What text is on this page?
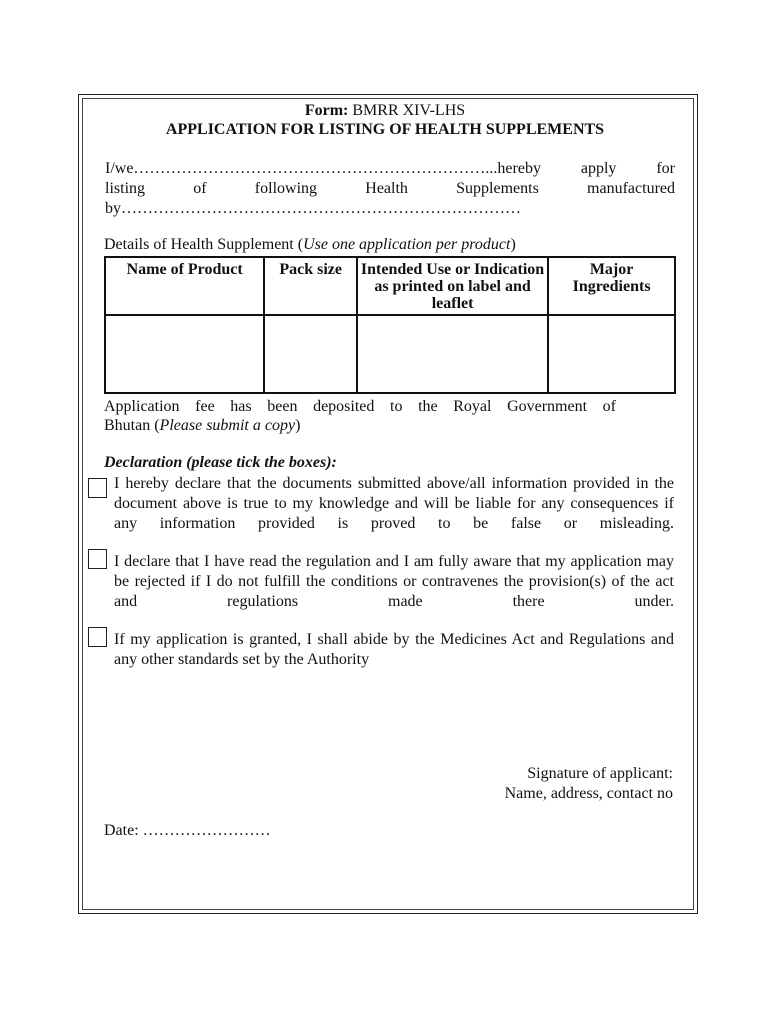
Form: BMRR XIV-LHS
APPLICATION FOR LISTING OF HEALTH SUPPLEMENTS
I/we…………………………………………………………...hereby apply for
listing of following Health Supplements manufactured
by…………………………………………………………………
Details of Health Supplement (Use one application per product)
Name of Product	Pack size	Intended Use or Indication as printed on label and leaflet	Major Ingredients

Application fee has been deposited to the Royal Government of
Bhutan (Please submit a copy)
Declaration (please tick the boxes):
I hereby declare that the documents submitted above/all information provided in the document above is true to my knowledge and will be liable for any consequences if any information provided is proved to be false or misleading.
I declare that I have read the regulation and I am fully aware that my application may be rejected if I do not fulfill the conditions or contravenes the provision(s) of the act and regulations made there under.
If my application is granted, I shall abide by the Medicines Act and Regulations and any other standards set by the Authority
Signature of applicant:
Name, address, contact no
Date: ……………………
